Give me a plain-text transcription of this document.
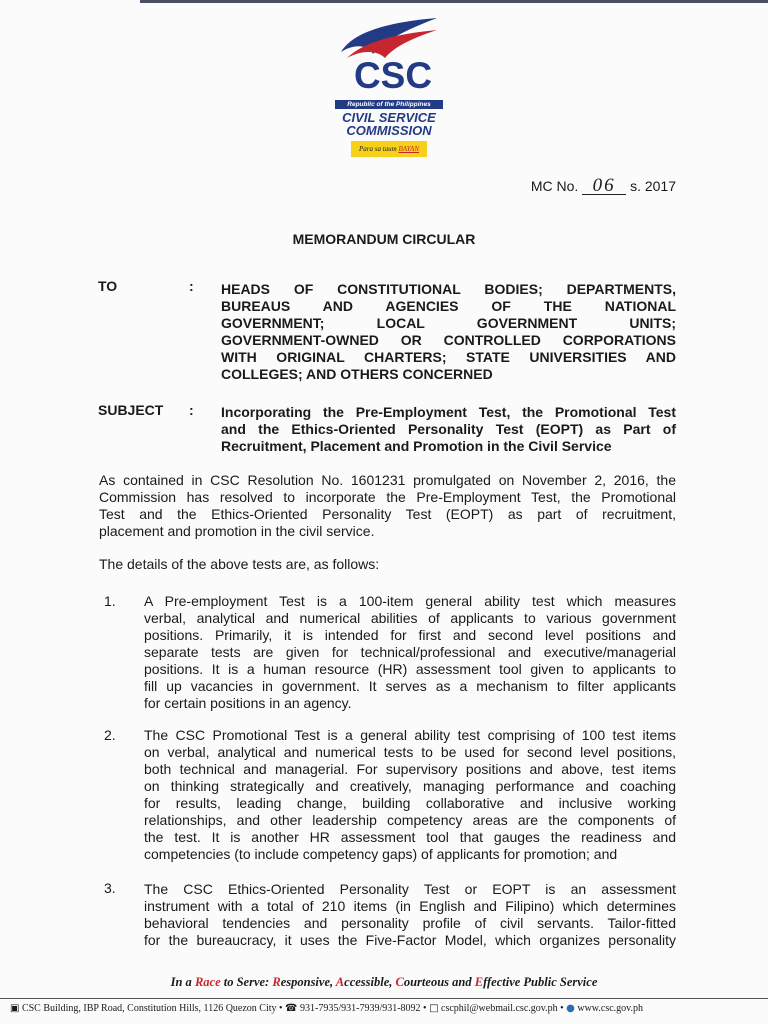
CSC
Republic of the Philippines
CIVIL SERVICE
COMMISSION
Para sa taum BAYAN
MC No. 06 s. 2017
MEMORANDUM CIRCULAR
TO	: HEADS OF CONSTITUTIONAL BODIES; DEPARTMENTS,
BUREAUS AND AGENCIES OF THE NATIONAL
GOVERNMENT; LOCAL GOVERNMENT UNITS;
GOVERNMENT-OWNED OR CONTROLLED CORPORATIONS
WITH ORIGINAL CHARTERS; STATE UNIVERSITIES AND
COLLEGES; AND OTHERS CONCERNED
SUBJECT : Incorporating the Pre-Employment Test, the Promotional Test
and the Ethics-Oriented Personality Test (EOPT) as Part of
Recruitment, Placement and Promotion in the Civil Service
As contained in CSC Resolution No. 1601231 promulgated on November 2, 2016, the
Commission has resolved to incorporate the Pre-Employment Test, the Promotional
Test and the Ethics-Oriented Personality Test (EOPT) as part of recruitment,
placement and promotion in the civil service.
The details of the above tests are, as follows:
1. A Pre-employment Test is a 100-item general ability test which measures
verbal, analytical and numerical abilities of applicants to various government
positions. Primarily, it is intended for first and second level positions and
separate tests are given for technical/professional and executive/managerial
positions. It is a human resource (HR) assessment tool given to applicants to
fill up vacancies in government. It serves as a mechanism to filter applicants
for certain positions in an agency.
2. The CSC Promotional Test is a general ability test comprising of 100 test items
on verbal, analytical and numerical tests to be used for second level positions,
both technical and managerial. For supervisory positions and above, test items
on thinking strategically and creatively, managing performance and coaching
for results, leading change, building collaborative and inclusive working
relationships, and other leadership competency areas are the components of
the test. It is another HR assessment tool that gauges the readiness and
competencies (to include competency gaps) of applicants for promotion; and
3. The CSC Ethics-Oriented Personality Test or EOPT is an assessment
instrument with a total of 210 items (in English and Filipino) which determines
behavioral tendencies and personality profile of civil servants. Tailor-fitted
for the bureaucracy, it uses the Five-Factor Model, which organizes personality
In a Race to Serve: Responsive, Accessible, Courteous and Effective Public Service
▣ CSC Building, IBP Road, Constitution Hills, 1126 Quezon City • ☎ 931-7935/931-7939/931-8092 • □ cscphil@webmail.csc.gov.ph • ● www.csc.gov.ph
